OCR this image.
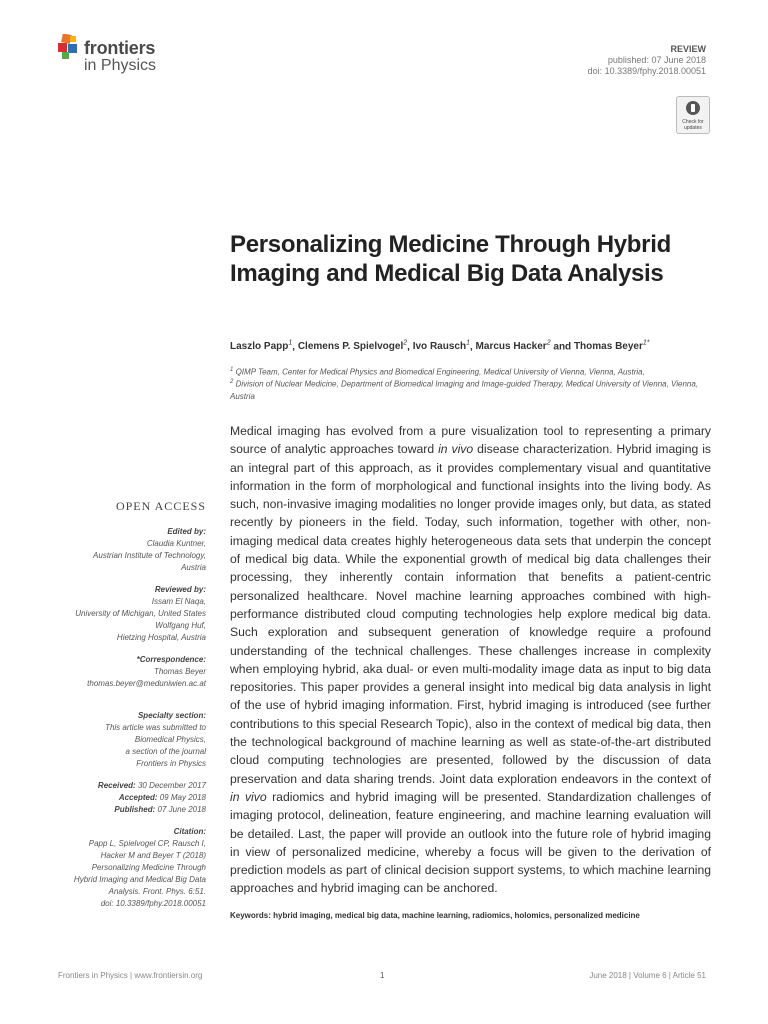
frontiers
in Physics
REVIEW
published: 07 June 2018
doi: 10.3389/fphy.2018.00051
Check for updates
Personalizing Medicine Through Hybrid Imaging and Medical Big Data Analysis
Laszlo Papp$^1$, Clemens P. Spielvogel$^2$, Ivo Rausch$^1$, Marcus Hacker$^2$ and Thomas Beyer$^{1*}$
$^1$ QIMP Team, Center for Medical Physics and Biomedical Engineering, Medical University of Vienna, Vienna, Austria,
$^2$ Division of Nuclear Medicine, Department of Biomedical Imaging and Image-guided Therapy, Medical University of Vienna, Vienna, Austria
Medical imaging has evolved from a pure visualization tool to representing a primary source of analytic approaches toward in vivo disease characterization. Hybrid imaging is an integral part of this approach, as it provides complementary visual and quantitative information in the form of morphological and functional insights into the living body. As such, non-invasive imaging modalities no longer provide images only, but data, as stated recently by pioneers in the field. Today, such information, together with other, non-imaging medical data creates highly heterogeneous data sets that underpin the concept of medical big data. While the exponential growth of medical big data challenges their processing, they inherently contain information that benefits a patient-centric personalized healthcare. Novel machine learning approaches combined with high-performance distributed cloud computing technologies help explore medical big data. Such exploration and subsequent generation of knowledge require a profound understanding of the technical challenges. These challenges increase in complexity when employing hybrid, aka dual- or even multi-modality image data as input to big data repositories. This paper provides a general insight into medical big data analysis in light of the use of hybrid imaging information. First, hybrid imaging is introduced (see further contributions to this special Research Topic), also in the context of medical big data, then the technological background of machine learning as well as state-of-the-art distributed cloud computing technologies are presented, followed by the discussion of data preservation and data sharing trends. Joint data exploration endeavors in the context of in vivo radiomics and hybrid imaging will be presented. Standardization challenges of imaging protocol, delineation, feature engineering, and machine learning evaluation will be detailed. Last, the paper will provide an outlook into the future role of hybrid imaging in view of personalized medicine, whereby a focus will be given to the derivation of prediction models as part of clinical decision support systems, to which machine learning approaches and hybrid imaging can be anchored.
Keywords: hybrid imaging, medical big data, machine learning, radiomics, holomics, personalized medicine
OPEN ACCESS
Edited by:
Claudia Kuntner,
Austrian Institute of Technology,
Austria
Reviewed by:
Issam El Naqa,
University of Michigan, United States
Wolfgang Huf,
Hietzing Hospital, Austria
*Correspondence:
Thomas Beyer
thomas.beyer@meduniwien.ac.at
Specialty section:
This article was submitted to
Biomedical Physics,
a section of the journal
Frontiers in Physics
Received: 30 December 2017
Accepted: 09 May 2018
Published: 07 June 2018
Citation:
Papp L, Spielvogel CP, Rausch I,
Hacker M and Beyer T (2018)
Personalizing Medicine Through
Hybrid Imaging and Medical Big Data
Analysis. Front. Phys. 6:51.
doi: 10.3389/fphy.2018.00051
Frontiers in Physics | www.frontiersin.org	1	June 2018 | Volume 6 | Article 51
